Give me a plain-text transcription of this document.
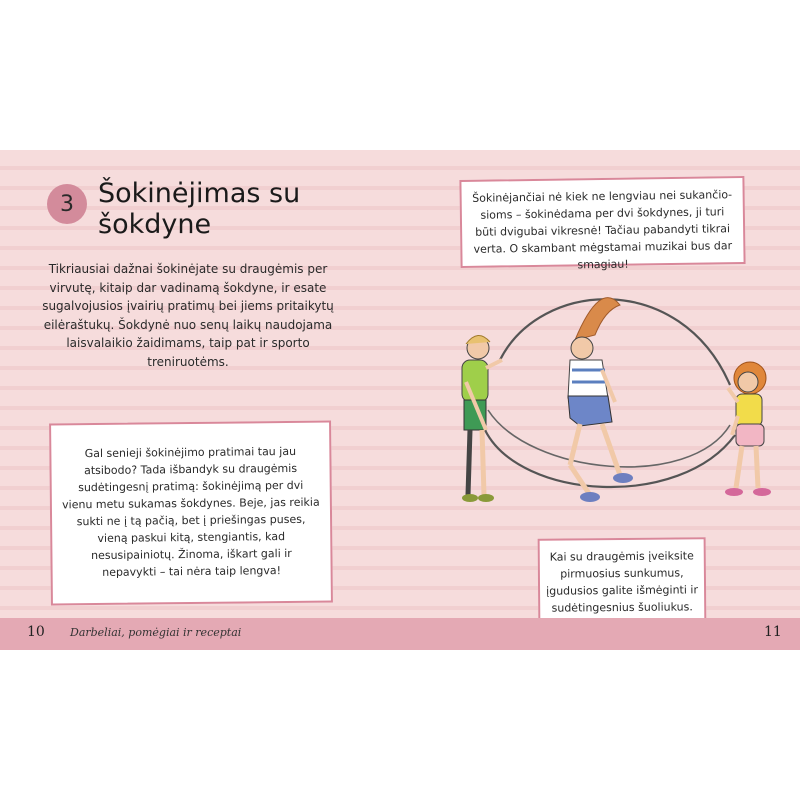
3 Šokinėjimas su šokdyne
Tikriausiai dažnai šokinėjate su draugėmis per virvutę, kitaip dar vadinamą šokdyne, ir esate sugalvojusios įvairių pratimų bei jiems pritaikytų eilėraštukų. Šokdynė nuo senų laikų naudojama laisvalaikio žaidimams, taip pat ir sporto treniruotėms.
Gal senieji šokinėjimo pratimai tau jau atsibodo? Tada išbandyk su draugėmis sudėtingesnį pratimą: šokinėjimą per dvi vienu metu sukamas šokdynes. Beje, jas reikia sukti ne į tą pačią, bet į priešingas puses, vieną paskui kitą, stengiantis, kad nesusipainiotų. Žinoma, iškart gali ir nepavykti – tai nėra taip lengva!
Šokinėjančiai nė kiek ne lengviau nei sukančiosioms – šokinėdama per dvi šokdynes, ji turi būti dvigubai vikresnė! Tačiau pabandyti tikrai verta. O skambant mėgstamai muzikai bus dar smagiau!
Kai su draugėmis įveiksite pirmuosius sunkumus, įgudusios galite išmėginti ir sudėtingesnius šuoliukus.
10 Darbeliai, pomėgiai ir receptai	11
